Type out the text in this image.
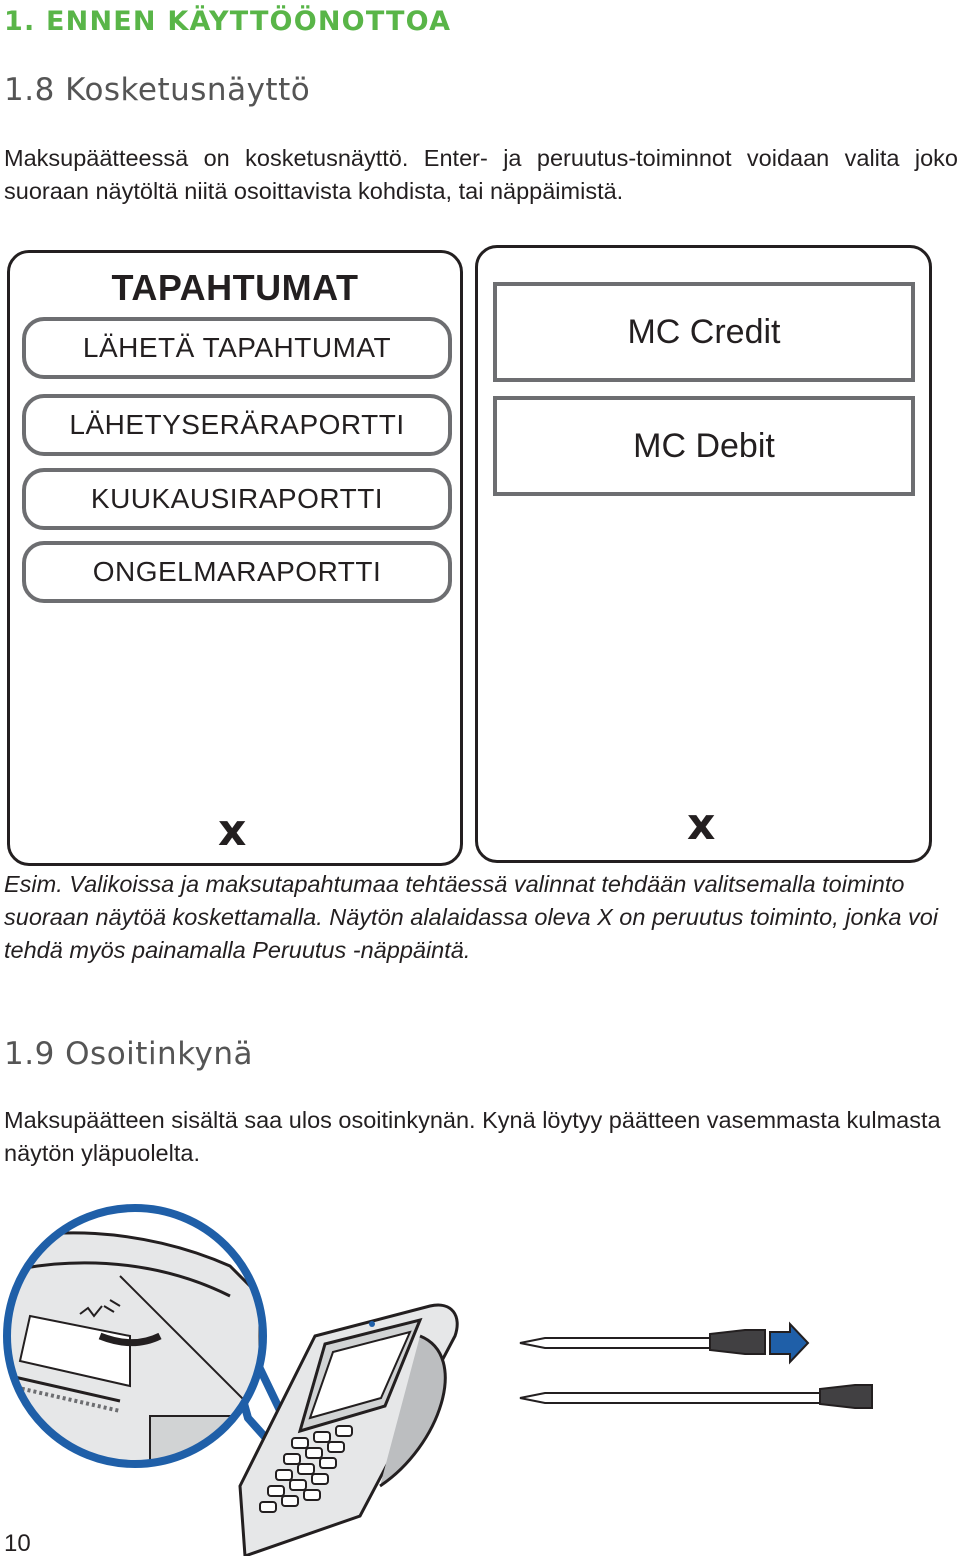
1. ENNEN KÄYTTÖÖNOTTOA
1.8 Kosketusnäyttö

Maksupäätteessä on kosketusnäyttö. Enter- ja peruutus-toiminnot voidaan valita joko suoraan näytöltä niitä osoittavista kohdista, tai näppäimistä.

TAPAHTUMAT
LÄHETÄ TAPAHTUMAT
LÄHETYSERÄRAPORTTI
KUUKAUSIRAPORTTI
ONGELMARAPORTTI
x
MC Credit
MC Debit
x

Esim. Valikoissa ja maksutapahtumaa tehtäessä valinnat tehdään valitsemalla toiminto suoraan näytöä koskettamalla. Näytön alalaidassa oleva X on peruutus toiminto, jonka voi tehdä myös painamalla Peruutus -näppäintä.

1.9 Osoitinkynä

Maksupäätteen sisältä saa ulos osoitinkynän. Kynä löytyy päätteen vasemmasta kulmasta näytön yläpuolelta.

10
